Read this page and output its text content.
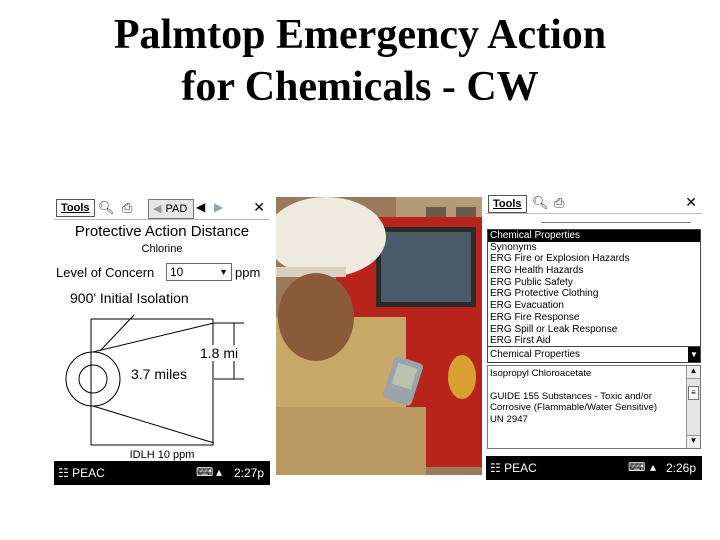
Palmtop Emergency Action
for Chemicals - CW
Tools 🔍︎ ⎙	◀ PAD ◀ ▶ ✕
Protective Action Distance
Chlorine
Level of Concern	10	▼ ppm
900' Initial Isolation
1.8 mi
3.7 miles
IDLH 10 ppm
☷ PEAC	⌨︎ ▴ 2:27p
Tools 🔍︎ ⎙	✕
Chemical Properties
Synonyms
ERG Fire or Explosion Hazards
ERG Health Hazards
ERG Public Safety
ERG Protective Clothing
ERG Evacuation
ERG Fire Response
ERG Spill or Leak Response
ERG First Aid
Chemical Properties	▼
Isopropyl Chloroacetate
GUIDE 155 Substances - Toxic and/or Corrosive (Flammable/Water Sensitive)
UN 2947
▲
≡
▼
☷ PEAC	⌨︎ ▴ 2:26p
